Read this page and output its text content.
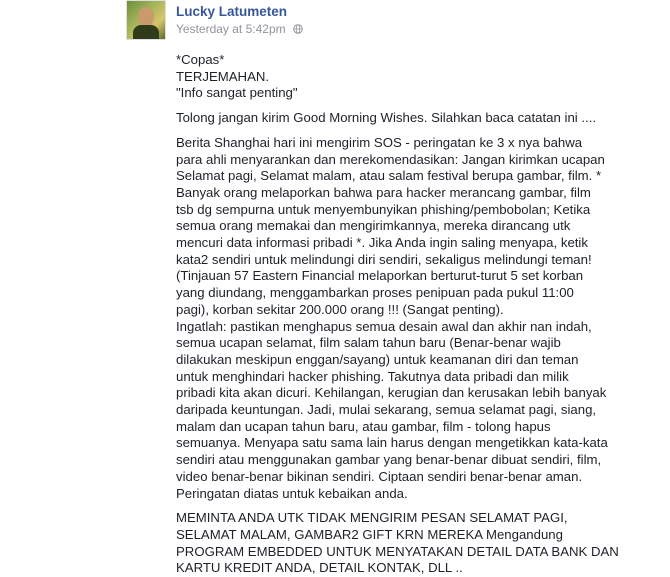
Lucky Latumeten
Yesterday at 5:42pm

*Copas*
TERJEMAHAN.
"Info sangat penting"

Tolong jangan kirim Good Morning Wishes. Silahkan baca catatan ini ....

Berita Shanghai hari ini mengirim SOS - peringatan ke 3 x nya bahwa
para ahli menyarankan dan merekomendasikan: Jangan kirimkan ucapan
Selamat pagi, Selamat malam, atau salam festival berupa gambar, film. *
Banyak orang melaporkan bahwa para hacker merancang gambar, film
tsb dg sempurna untuk menyembunyikan phishing/pembobolan; Ketika
semua orang memakai dan mengirimkannya, mereka dirancang utk
mencuri data informasi pribadi *. Jika Anda ingin saling menyapa, ketik
kata2 sendiri untuk melindungi diri sendiri, sekaligus melindungi teman!
(Tinjauan 57 Eastern Financial melaporkan berturut-turut 5 set korban
yang diundang, menggambarkan proses penipuan pada pukul 11:00
pagi), korban sekitar 200.000 orang !!! (Sangat penting).
Ingatlah: pastikan menghapus semua desain awal dan akhir nan indah,
semua ucapan selamat, film salam tahun baru (Benar-benar wajib
dilakukan meskipun enggan/sayang) untuk keamanan diri dan teman
untuk menghindari hacker phishing. Takutnya data pribadi dan milik
pribadi kita akan dicuri. Kehilangan, kerugian dan kerusakan lebih banyak
daripada keuntungan. Jadi, mulai sekarang, semua selamat pagi, siang,
malam dan ucapan tahun baru, atau gambar, film - tolong hapus
semuanya. Menyapa satu sama lain harus dengan mengetikkan kata-kata
sendiri atau menggunakan gambar yang benar-benar dibuat sendiri, film,
video benar-benar bikinan sendiri. Ciptaan sendiri benar-benar aman.
Peringatan diatas untuk kebaikan anda.

MEMINTA ANDA UTK TIDAK MENGIRIM PESAN SELAMAT PAGI,
SELAMAT MALAM, GAMBAR2 GIFT KRN MEREKA Mengandung
PROGRAM EMBEDDED UNTUK MENYATAKAN DETAIL DATA BANK DAN
KARTU KREDIT ANDA, DETAIL KONTAK, DLL ..
